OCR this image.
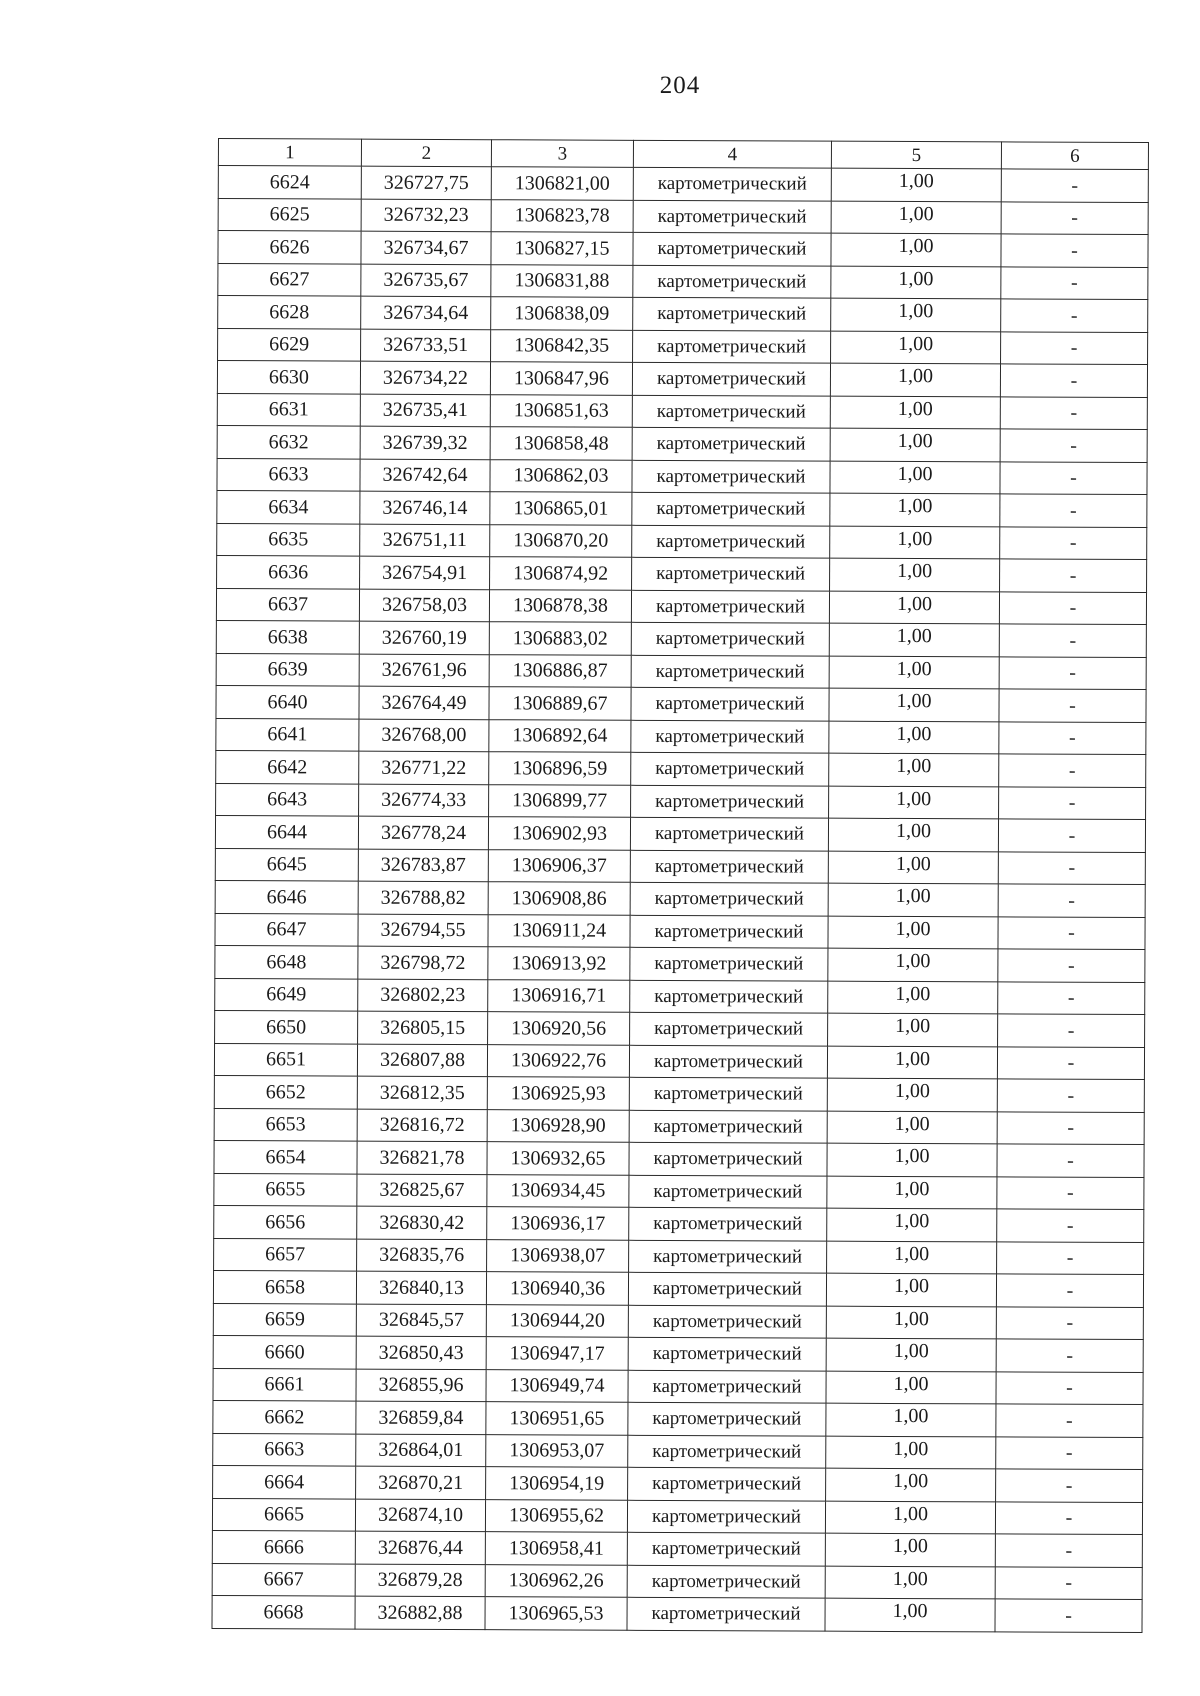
204
1	2	3	4	5	6
6624	326727,75	1306821,00	картометрический	1,00	-
6625	326732,23	1306823,78	картометрический	1,00	-
6626	326734,67	1306827,15	картометрический	1,00	-
6627	326735,67	1306831,88	картометрический	1,00	-
6628	326734,64	1306838,09	картометрический	1,00	-
6629	326733,51	1306842,35	картометрический	1,00	-
6630	326734,22	1306847,96	картометрический	1,00	-
6631	326735,41	1306851,63	картометрический	1,00	-
6632	326739,32	1306858,48	картометрический	1,00	-
6633	326742,64	1306862,03	картометрический	1,00	-
6634	326746,14	1306865,01	картометрический	1,00	-
6635	326751,11	1306870,20	картометрический	1,00	-
6636	326754,91	1306874,92	картометрический	1,00	-
6637	326758,03	1306878,38	картометрический	1,00	-
6638	326760,19	1306883,02	картометрический	1,00	-
6639	326761,96	1306886,87	картометрический	1,00	-
6640	326764,49	1306889,67	картометрический	1,00	-
6641	326768,00	1306892,64	картометрический	1,00	-
6642	326771,22	1306896,59	картометрический	1,00	-
6643	326774,33	1306899,77	картометрический	1,00	-
6644	326778,24	1306902,93	картометрический	1,00	-
6645	326783,87	1306906,37	картометрический	1,00	-
6646	326788,82	1306908,86	картометрический	1,00	-
6647	326794,55	1306911,24	картометрический	1,00	-
6648	326798,72	1306913,92	картометрический	1,00	-
6649	326802,23	1306916,71	картометрический	1,00	-
6650	326805,15	1306920,56	картометрический	1,00	-
6651	326807,88	1306922,76	картометрический	1,00	-
6652	326812,35	1306925,93	картометрический	1,00	-
6653	326816,72	1306928,90	картометрический	1,00	-
6654	326821,78	1306932,65	картометрический	1,00	-
6655	326825,67	1306934,45	картометрический	1,00	-
6656	326830,42	1306936,17	картометрический	1,00	-
6657	326835,76	1306938,07	картометрический	1,00	-
6658	326840,13	1306940,36	картометрический	1,00	-
6659	326845,57	1306944,20	картометрический	1,00	-
6660	326850,43	1306947,17	картометрический	1,00	-
6661	326855,96	1306949,74	картометрический	1,00	-
6662	326859,84	1306951,65	картометрический	1,00	-
6663	326864,01	1306953,07	картометрический	1,00	-
6664	326870,21	1306954,19	картометрический	1,00	-
6665	326874,10	1306955,62	картометрический	1,00	-
6666	326876,44	1306958,41	картометрический	1,00	-
6667	326879,28	1306962,26	картометрический	1,00	-
6668	326882,88	1306965,53	картометрический	1,00	-
